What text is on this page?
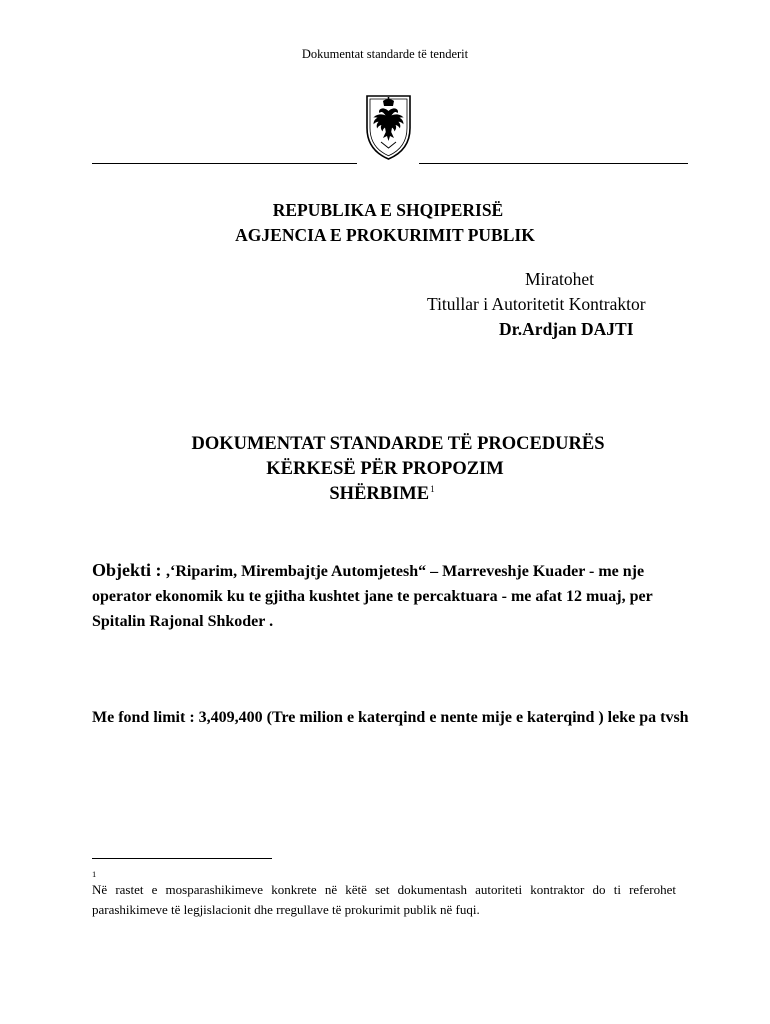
Dokumentat standarde të tenderit
REPUBLIKA E SHQIPERISË
AGJENCIA E PROKURIMIT PUBLIK
Miratohet
Titullar i Autoritetit Kontraktor
Dr.Ardjan DAJTI
DOKUMENTAT STANDARDE TË PROCEDURËS
KËRKESË PËR PROPOZIM
SHËRBIME$^1$
Objekti : ,‘Riparim, Mirembajtje Automjetesh“ – Marreveshje Kuader - me nje operator ekonomik ku te gjitha kushtet jane te percaktuara - me afat 12 muaj, per Spitalin Rajonal Shkoder .
Me fond limit : 3,409,400 (Tre milion e katerqind e nente mije e katerqind ) leke pa tvsh
1
Në rastet e mosparashikimeve konkrete në këtë set dokumentash autoriteti kontraktor do ti referohet parashikimeve të legjislacionit dhe rregullave të prokurimit publik në fuqi.
